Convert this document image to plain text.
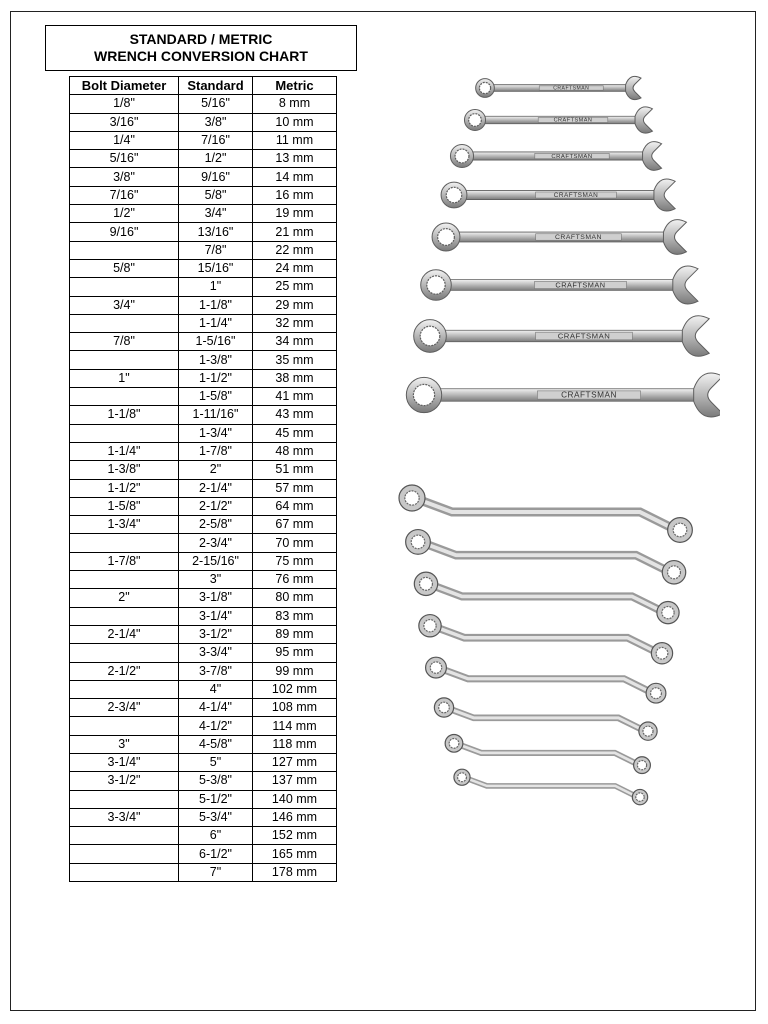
STANDARD / METRIC
WRENCH CONVERSION CHART
Bolt Diameter	Standard	Metric
1/8"	5/16"	8 mm
3/16"	3/8"	10 mm
1/4"	7/16"	11 mm
5/16"	1/2"	13 mm
3/8"	9/16"	14 mm
7/16"	5/8"	16 mm
1/2"	3/4"	19 mm
9/16"	13/16"	21 mm
	7/8"	22 mm
5/8"	15/16"	24 mm
	1"	25 mm
3/4"	1-1/8"	29 mm
	1-1/4"	32 mm
7/8"	1-5/16"	34 mm
	1-3/8"	35 mm
1"	1-1/2"	38 mm
	1-5/8"	41 mm
1-1/8"	1-11/16"	43 mm
	1-3/4"	45 mm
1-1/4"	1-7/8"	48 mm
1-3/8"	2"	51 mm
1-1/2"	2-1/4"	57 mm
1-5/8"	2-1/2"	64 mm
1-3/4"	2-5/8"	67 mm
	2-3/4"	70 mm
1-7/8"	2-15/16"	75 mm
	3"	76 mm
2"	3-1/8"	80 mm
	3-1/4"	83 mm
2-1/4"	3-1/2"	89 mm
	3-3/4"	95 mm
2-1/2"	3-7/8"	99 mm
	4"	102 mm
2-3/4"	4-1/4"	108 mm
	4-1/2"	114 mm
3"	4-5/8"	118 mm
3-1/4"	5"	127 mm
3-1/2"	5-3/8"	137 mm
	5-1/2"	140 mm
3-3/4"	5-3/4"	146 mm
	6"	152 mm
	6-1/2"	165 mm
	7"	178 mm
CRAFTSMAN
CRAFTSMAN
CRAFTSMAN
CRAFTSMAN
CRAFTSMAN
CRAFTSMAN
CRAFTSMAN
CRAFTSMAN
